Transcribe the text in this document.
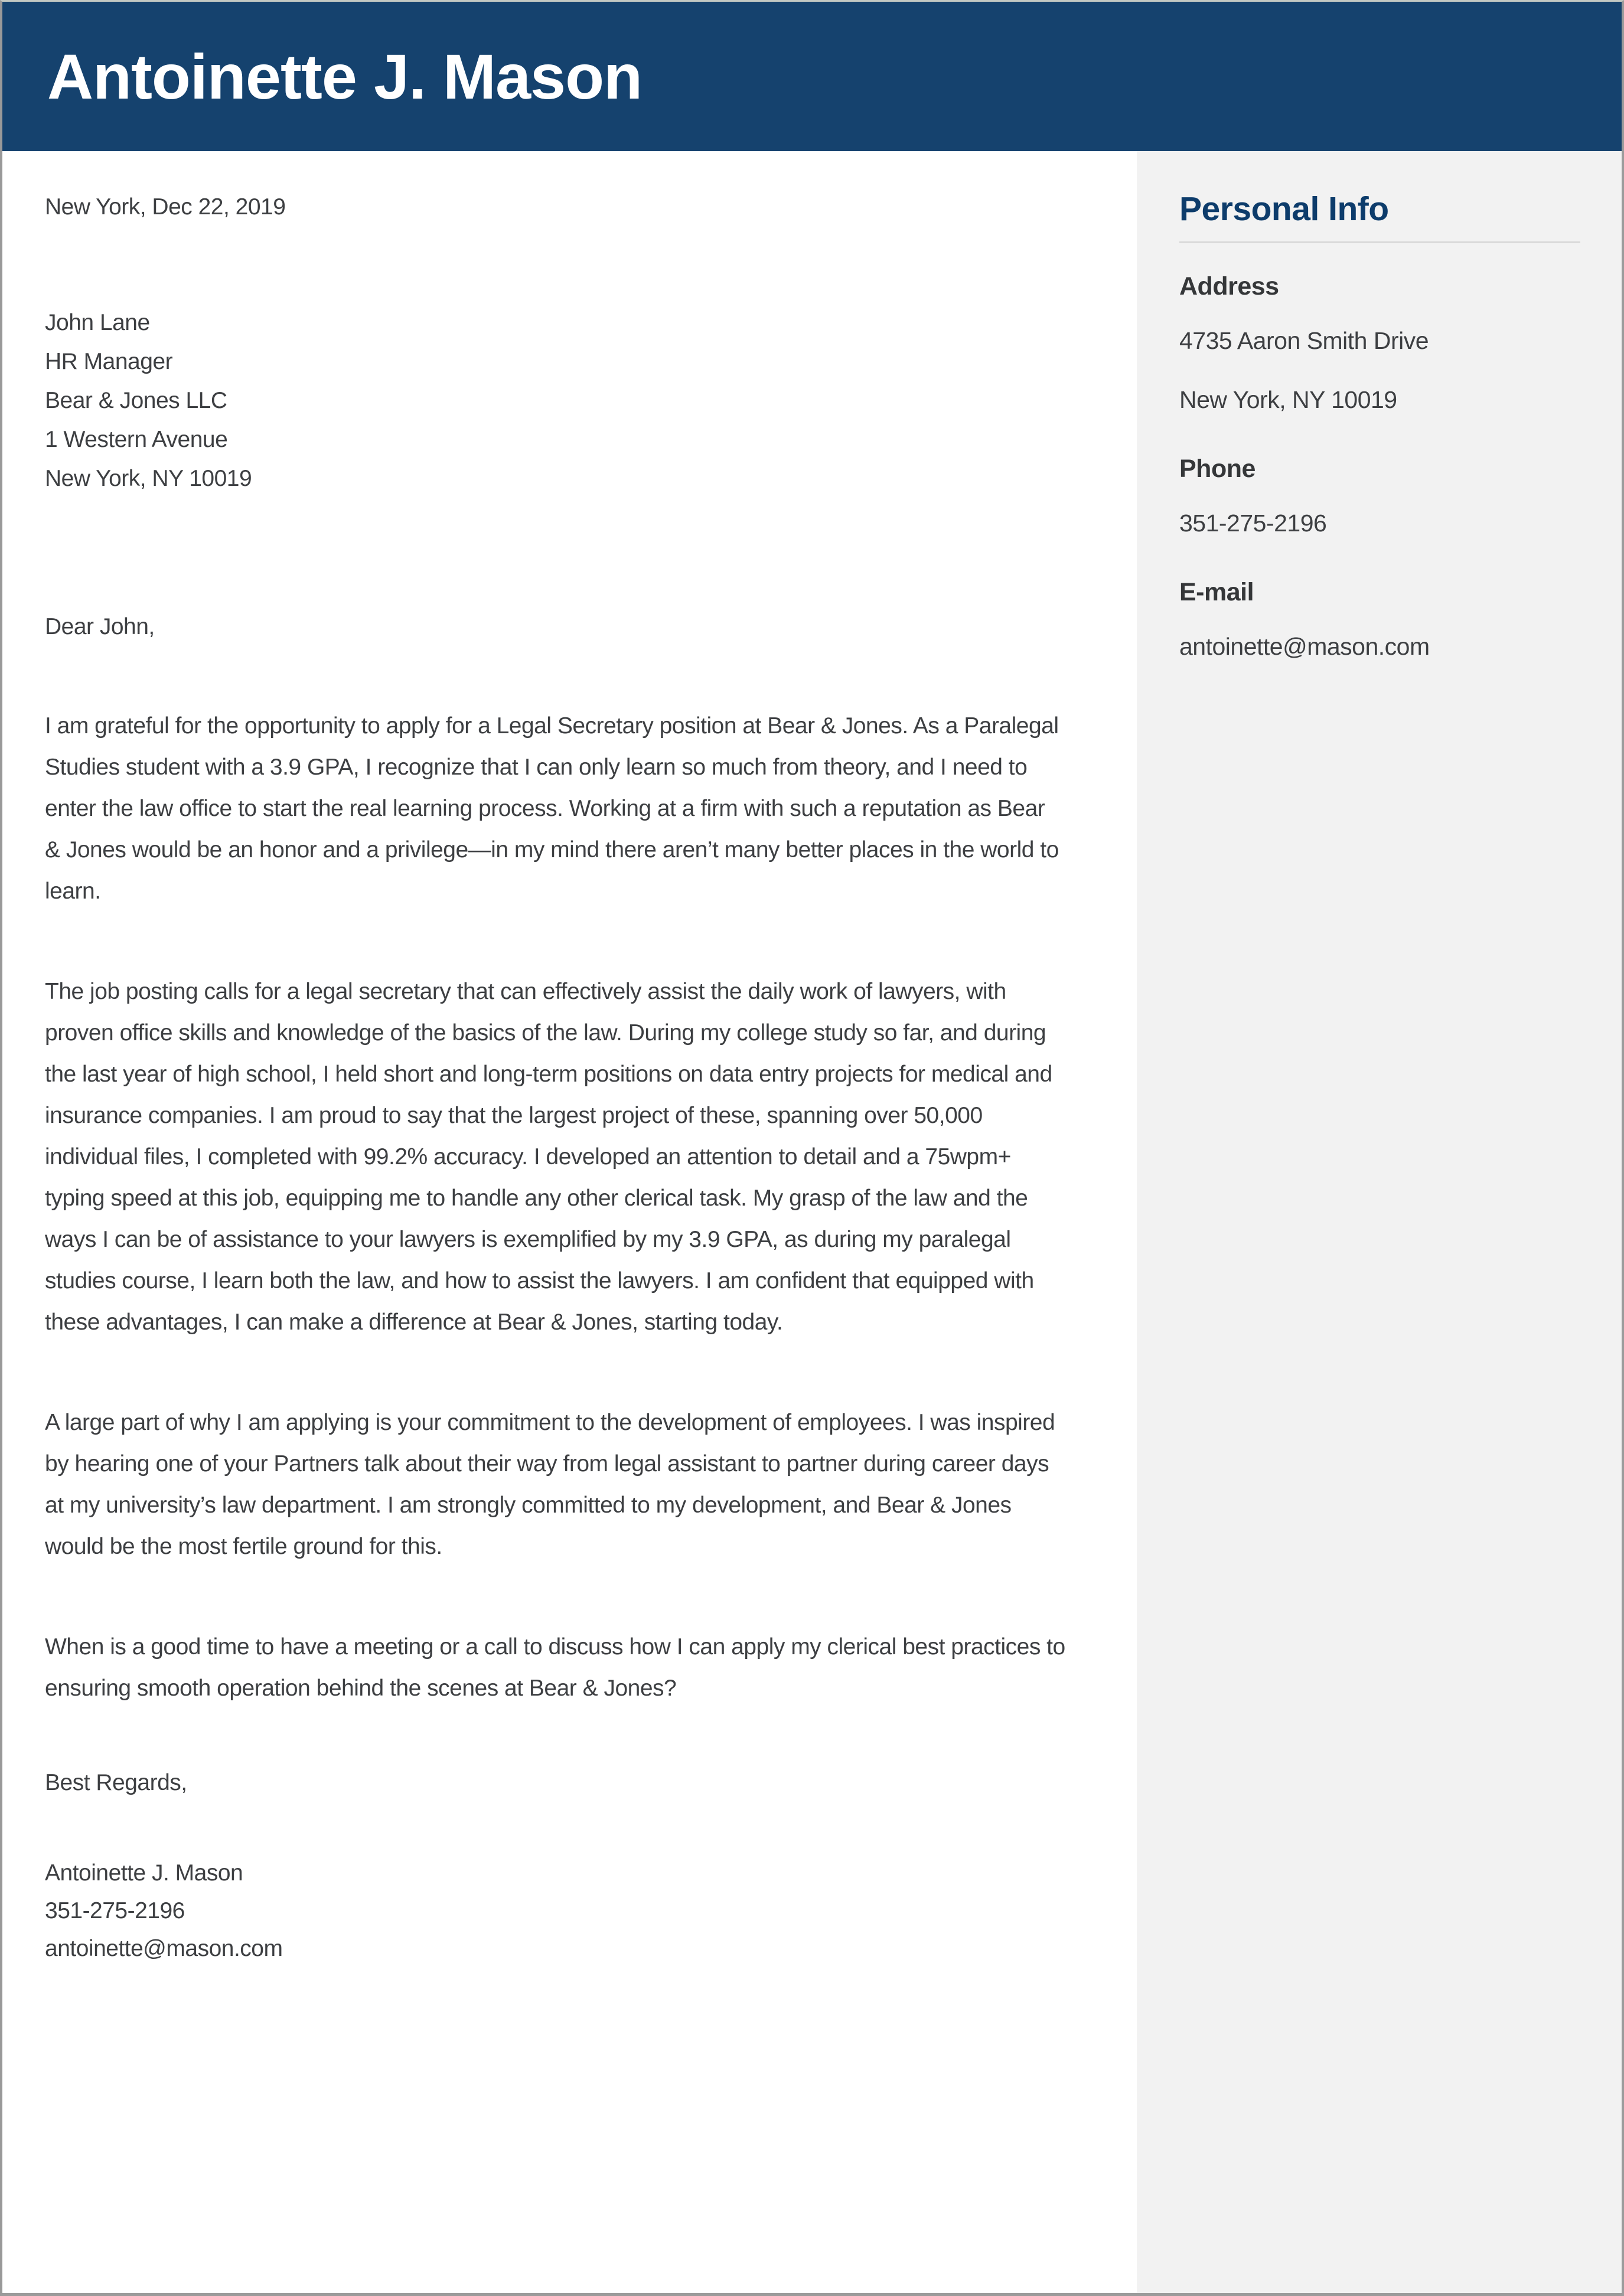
Antoinette J. Mason

New York, Dec 22, 2019

John Lane

HR Manager

Bear & Jones LLC

1 Western Avenue

New York, NY 10019

Dear John,

I am grateful for the opportunity to apply for a Legal Secretary position at Bear & Jones. As a Paralegal Studies student with a 3.9 GPA, I recognize that I can only learn so much from theory, and I need to enter the law office to start the real learning process. Working at a firm with such a reputation as Bear & Jones would be an honor and a privilege—in my mind there aren’t many better places in the world to learn.

The job posting calls for a legal secretary that can effectively assist the daily work of lawyers, with proven office skills and knowledge of the basics of the law. During my college study so far, and during the last year of high school, I held short and long-term positions on data entry projects for medical and insurance companies. I am proud to say that the largest project of these, spanning over 50,000 individual files, I completed with 99.2% accuracy. I developed an attention to detail and a 75wpm+ typing speed at this job, equipping me to handle any other clerical task. My grasp of the law and the ways I can be of assistance to your lawyers is exemplified by my 3.9 GPA, as during my paralegal studies course, I learn both the law, and how to assist the lawyers. I am confident that equipped with these advantages, I can make a difference at Bear & Jones, starting today.

A large part of why I am applying is your commitment to the development of employees. I was inspired by hearing one of your Partners talk about their way from legal assistant to partner during career days at my university’s law department. I am strongly committed to my development, and Bear & Jones would be the most fertile ground for this.

When is a good time to have a meeting or a call to discuss how I can apply my clerical best practices to ensuring smooth operation behind the scenes at Bear & Jones?

Best Regards,

Antoinette J. Mason

351-275-2196

antoinette@mason.com

Personal Info

Address

4735 Aaron Smith Drive

New York, NY 10019

Phone

351-275-2196

E-mail

antoinette@mason.com
